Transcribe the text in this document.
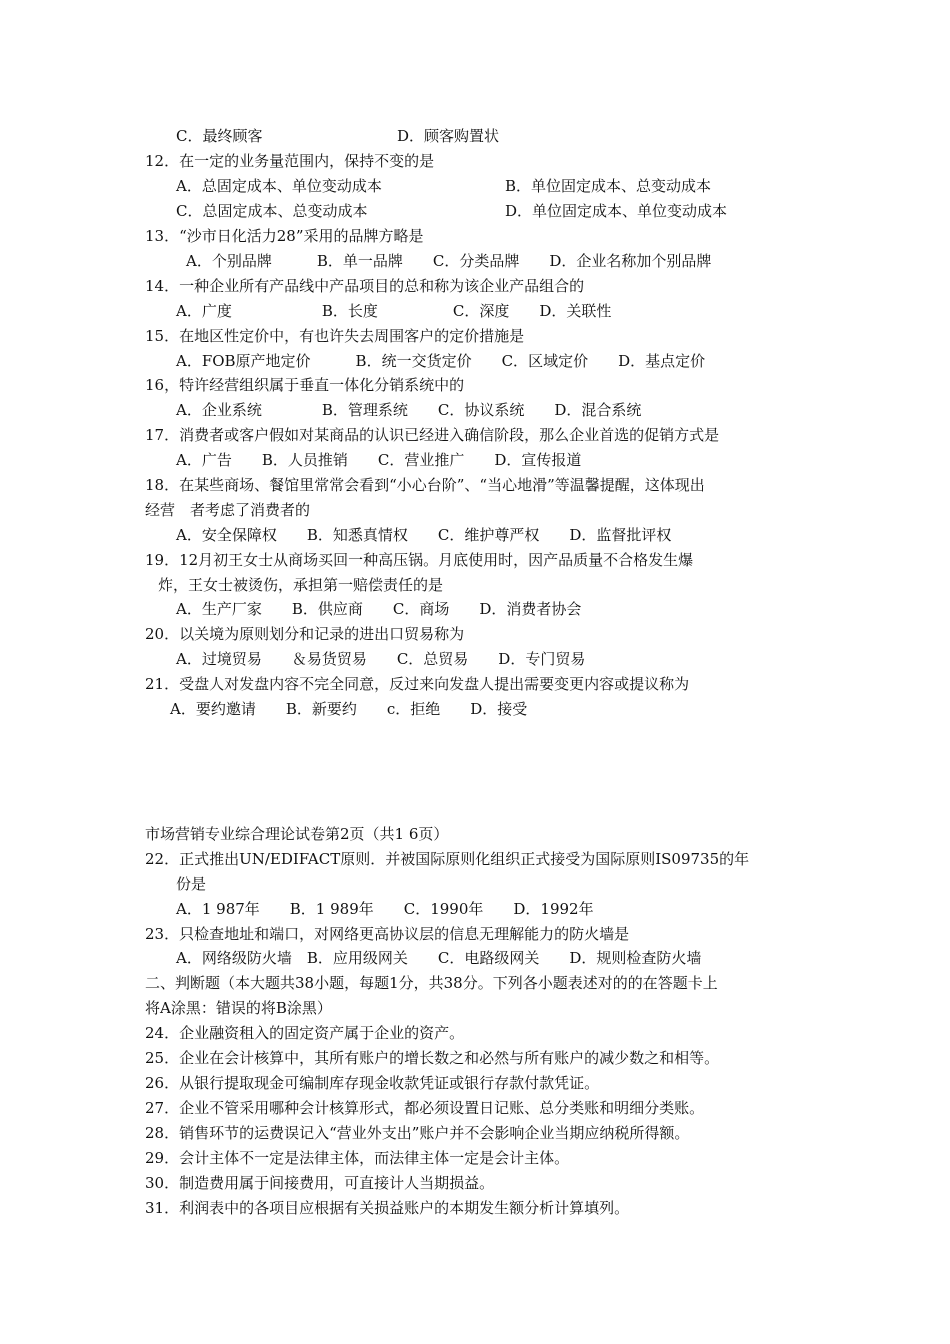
C．最终顾客	D．顾客购置状
12．在一定的业务量范围内，保持不变的是
A．总固定成本、单位变动成本	B．单位固定成本、总变动成本
C．总固定成本、总变动成本	D．单位固定成本、单位变动成本
13．“沙市日化活力28”采用的品牌方略是
A．个别品牌　　　B．单一品牌　　C．分类品牌　　D．企业名称加个别品牌
14．一种企业所有产品线中产品项目的总和称为该企业产品组合的
A．广度　　　　　　B．长度　　　　　C．深度　　D．关联性
15．在地区性定价中，有也许失去周围客户的定价措施是
A．FOB原产地定价　　　B．统一交货定价　　C．区域定价　　D．基点定价
16，特许经营组织属于垂直一体化分销系统中的
A．企业系统　　　　B．管理系统　　C．协议系统　　D．混合系统
17．消费者或客户假如对某商品的认识已经进入确信阶段，那么企业首选的促销方式是
A．广告　　B．人员推销　　C．营业推广　　D．宣传报道
18．在某些商场、餐馆里常常会看到“小心台阶”、“当心地滑”等温馨提醒，这体现出
经营　者考虑了消费者的
A．安全保障权　　B．知悉真情权　　C．维护尊严权　　D．监督批评权
19．12月初王女士从商场买回一种高压锅。月底使用时，因产品质量不合格发生爆
炸，王女士被烫伤，承担第一赔偿责任的是
A．生产厂家　　B．供应商　　C．商场　　D．消费者协会
20．以关境为原则划分和记录的进出口贸易称为
A．过境贸易　　＆易货贸易　　C．总贸易　　D．专门贸易
21．受盘人对发盘内容不完全同意，反过来向发盘人提出需要变更内容或提议称为
A．要约邀请　　B．新要约　　c．拒绝　　D．接受
市场营销专业综合理论试卷第2页（共1 6页）
22．正式推出UN/EDIFACT原则．并被国际原则化组织正式接受为国际原则IS09735的年
份是
A．1 987年　　B．1 989年　　C．1990年　　D．1992年
23．只检查地址和端口，对网络更高协议层的信息无理解能力的防火墙是
A．网络级防火墙　B．应用级网关　　C．电路级网关　　D．规则检查防火墙
二、判断题（本大题共38小题，每题1分，共38分。下列各小题表述对的的在答题卡上
将A涂黑：错误的将B涂黑）
24．企业融资租入的固定资产属于企业的资产。
25．企业在会计核算中，其所有账户的增长数之和必然与所有账户的减少数之和相等。
26．从银行提取现金可编制库存现金收款凭证或银行存款付款凭证。
27．企业不管采用哪种会计核算形式，都必须设置日记账、总分类账和明细分类账。
28．销售环节的运费误记入“营业外支出”账户并不会影响企业当期应纳税所得额。
29．会计主体不一定是法律主体，而法律主体一定是会计主体。
30．制造费用属于间接费用，可直接计人当期损益。
31．利润表中的各项目应根据有关损益账户的本期发生额分析计算填列。
